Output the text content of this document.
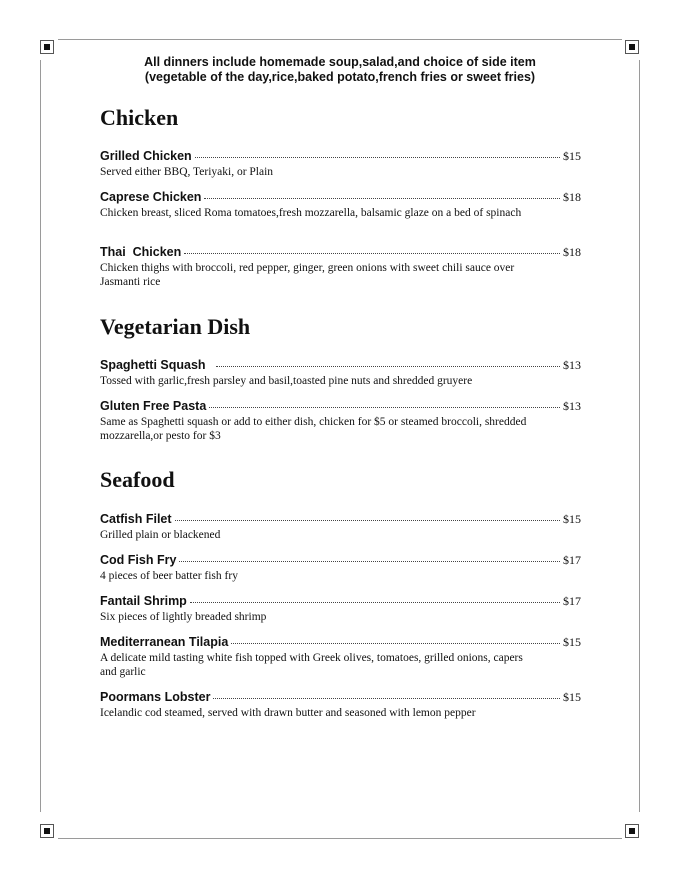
All dinners include homemade soup,salad,and choice of side item
(vegetable of the day,rice,baked potato,french fries or sweet fries)
Chicken
Grilled Chicken	$15
Served either BBQ, Teriyaki, or Plain
Caprese Chicken	$18
Chicken breast, sliced Roma tomatoes,fresh mozzarella, balsamic glaze on a bed of spinach
Thai  Chicken	$18
Chicken thighs with broccoli, red pepper, ginger, green onions with sweet chili sauce over Jasmanti rice
Vegetarian Dish
Spaghetti Squash	$13
Tossed with garlic,fresh parsley and basil,toasted pine nuts and shredded gruyere
Gluten Free Pasta	$13
Same as Spaghetti squash or add to either dish, chicken for $5 or steamed broccoli, shredded mozzarella,or pesto for $3
Seafood
Catfish Filet	$15
Grilled plain or blackened
Cod Fish Fry	$17
4 pieces of beer batter fish fry
Fantail Shrimp	$17
Six pieces of lightly breaded shrimp
Mediterranean Tilapia	$15
A delicate mild tasting white fish topped with Greek olives, tomatoes, grilled onions, capers and garlic
Poormans Lobster	$15
Icelandic cod steamed, served with drawn butter and seasoned with lemon pepper
